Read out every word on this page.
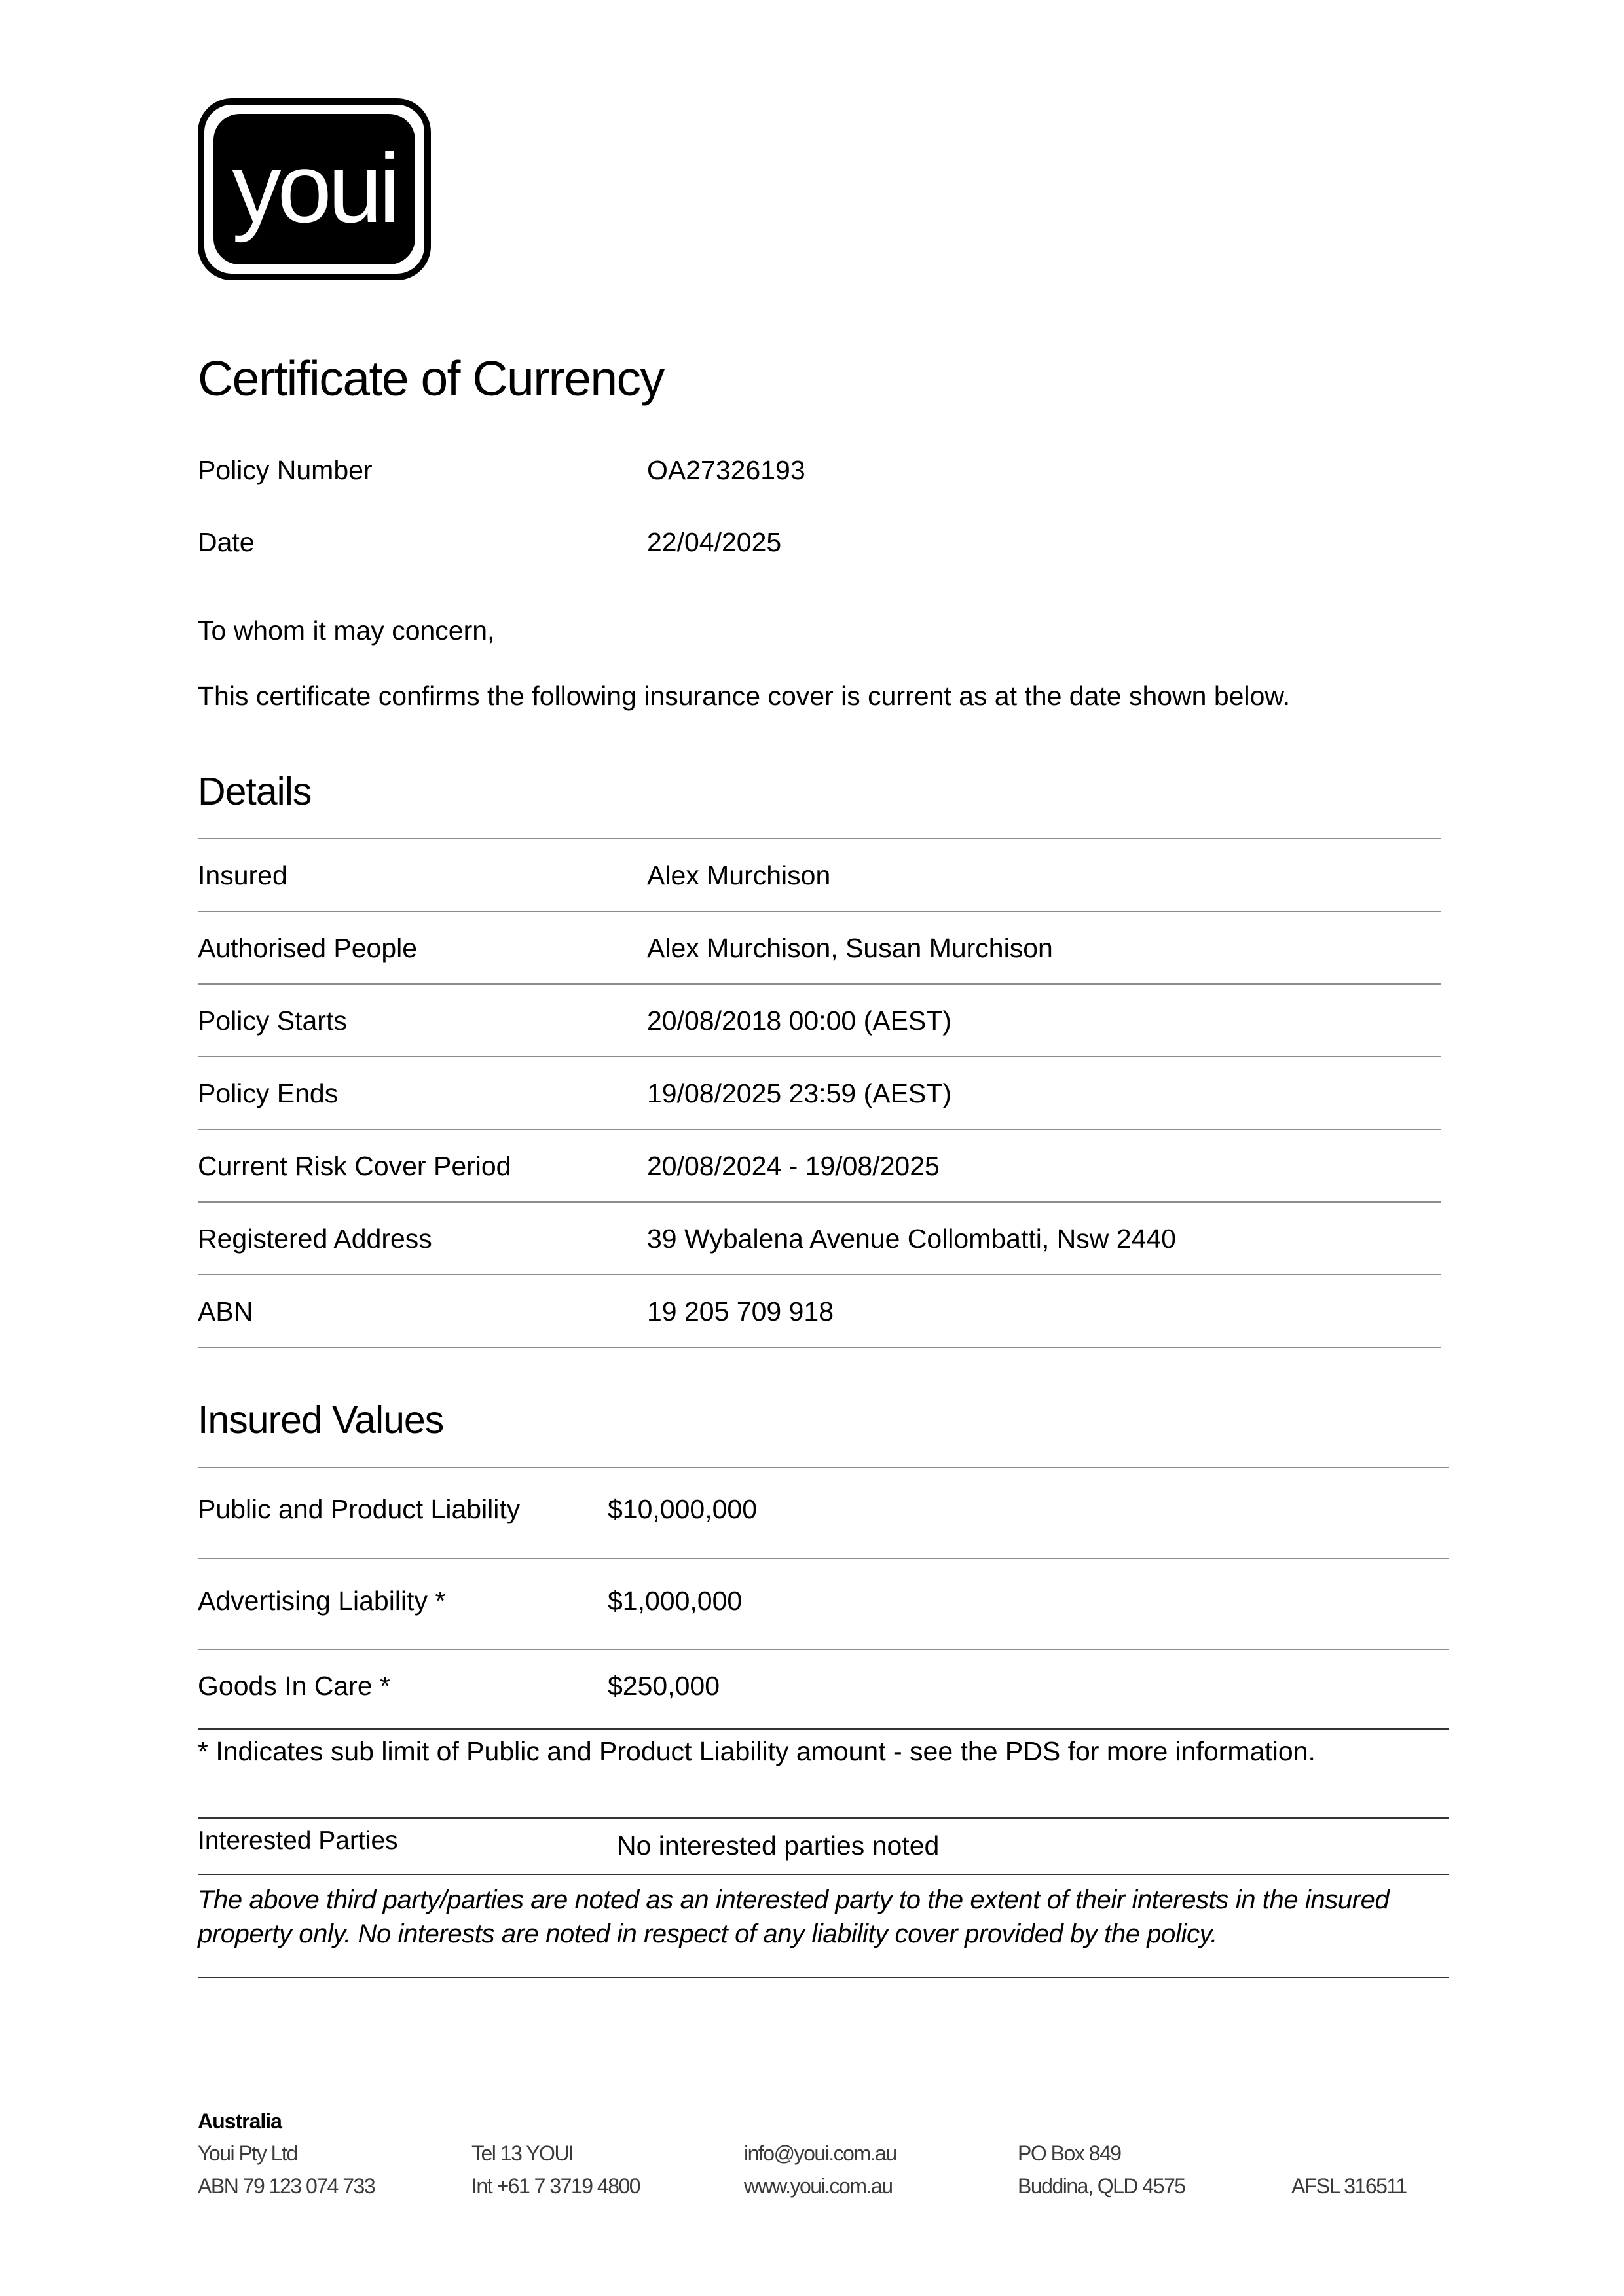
youi
Certificate of Currency
Policy Number	OA27326193
Date	22/04/2025
To whom it may concern,
This certificate confirms the following insurance cover is current as at the date shown below.
Details
Insured	Alex Murchison
Authorised People	Alex Murchison, Susan Murchison
Policy Starts	20/08/2018 00:00 (AEST)
Policy Ends	19/08/2025 23:59 (AEST)
Current Risk Cover Period	20/08/2024 - 19/08/2025
Registered Address	39 Wybalena Avenue Collombatti, Nsw 2440
ABN	19 205 709 918
Insured Values
Public and Product Liability	$10,000,000
Advertising Liability *	$1,000,000
Goods In Care *	$250,000
* Indicates sub limit of Public and Product Liability amount - see the PDS for more information.
Interested Parties	No interested parties noted
The above third party/parties are noted as an interested party to the extent of their interests in the insured property only. No interests are noted in respect of any liability cover provided by the policy.
Australia
Youi Pty Ltd
ABN 79 123 074 733
Tel 13 YOUI
Int +61 7 3719 4800
info@youi.com.au
www.youi.com.au
PO Box 849
Buddina, QLD 4575	AFSL 316511
